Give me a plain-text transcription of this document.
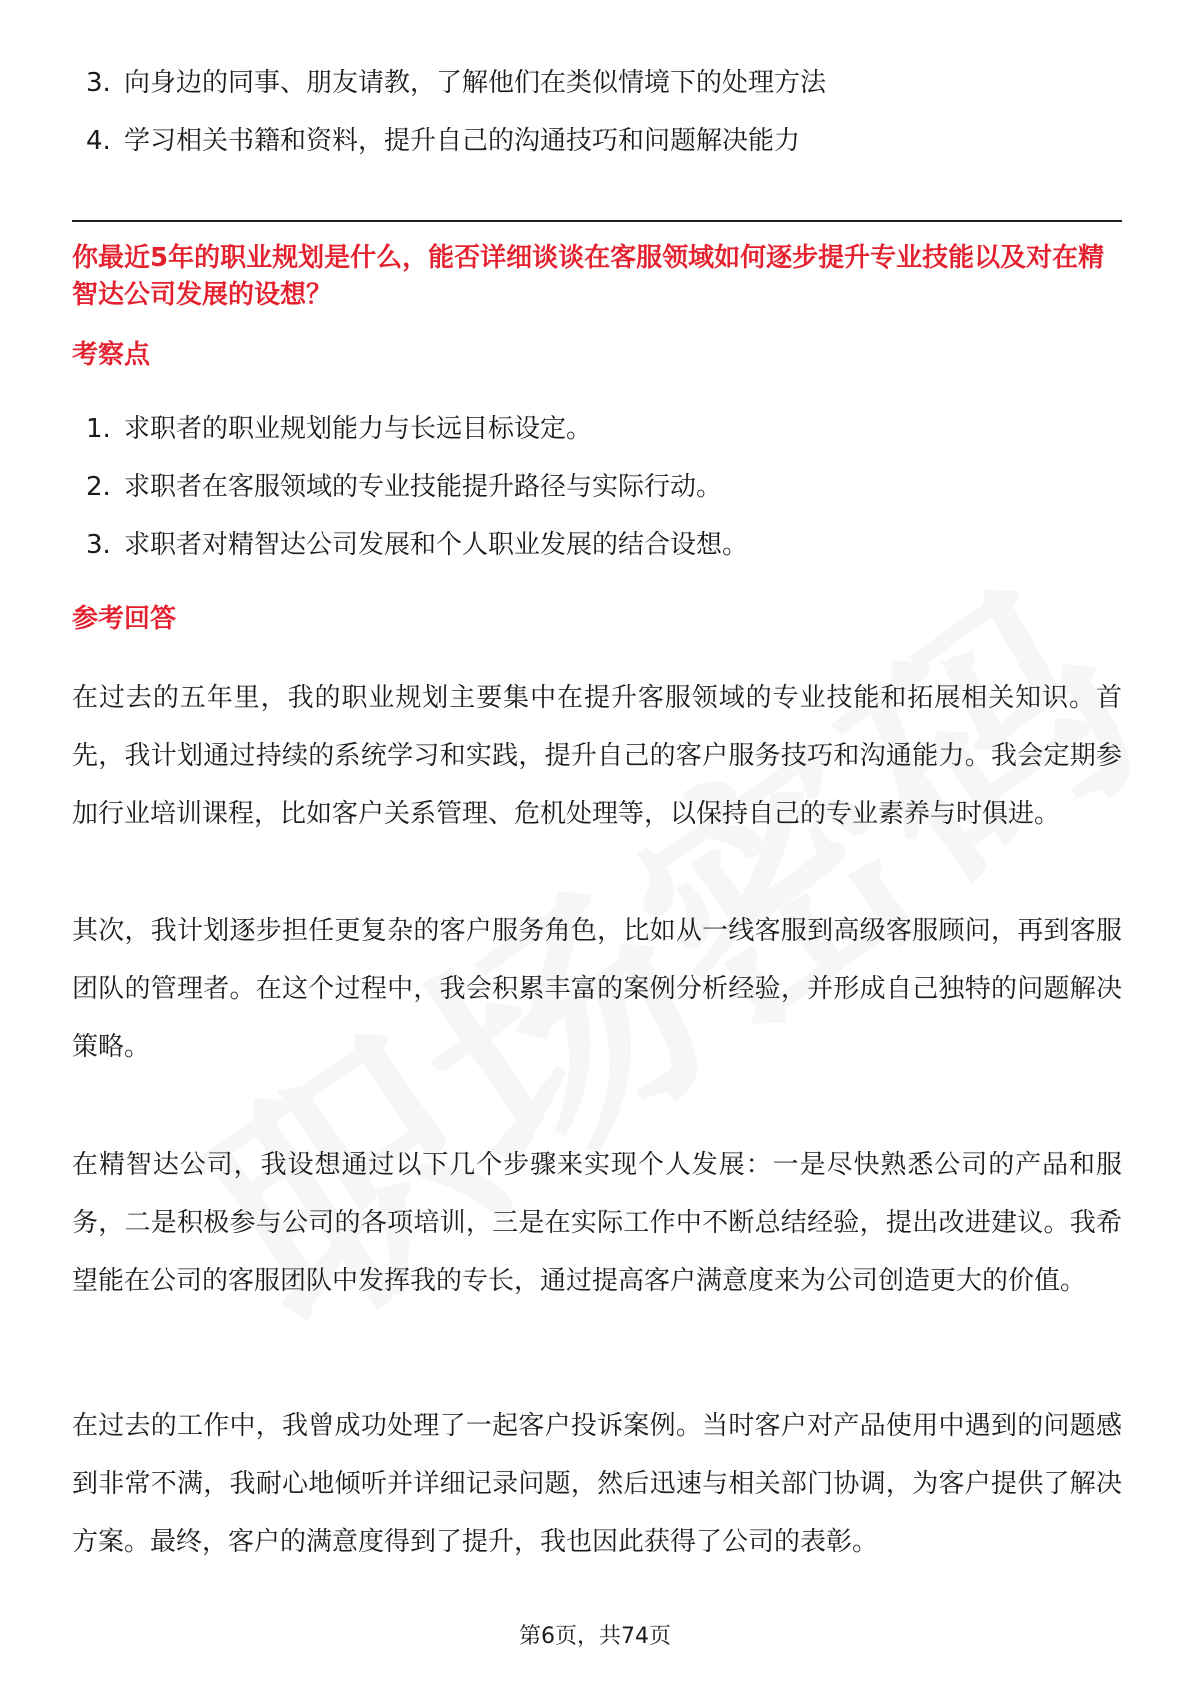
3. 向身边的同事、朋友请教，了解他们在类似情境下的处理方法
4. 学习相关书籍和资料，提升自己的沟通技巧和问题解决能力
你最近5年的职业规划是什么，能否详细谈谈在客服领域如何逐步提升专业技能以及对在精智达公司发展的设想？
考察点
1. 求职者的职业规划能力与长远目标设定。
2. 求职者在客服领域的专业技能提升路径与实际行动。
3. 求职者对精智达公司发展和个人职业发展的结合设想。
参考回答

在过去的五年里，我的职业规划主要集中在提升客服领域的专业技能和拓展相关知识。首先，我计划通过持续的系统学习和实践，提升自己的客户服务技巧和沟通能力。我会定期参加行业培训课程，比如客户关系管理、危机处理等，以保持自己的专业素养与时俱进。

其次，我计划逐步担任更复杂的客户服务角色，比如从一线客服到高级客服顾问，再到客服团队的管理者。在这个过程中，我会积累丰富的案例分析经验，并形成自己独特的问题解决策略。

在精智达公司，我设想通过以下几个步骤来实现个人发展：一是尽快熟悉公司的产品和服务，二是积极参与公司的各项培训，三是在实际工作中不断总结经验，提出改进建议。我希望能在公司的客服团队中发挥我的专长，通过提高客户满意度来为公司创造更大的价值。

在过去的工作中，我曾成功处理了一起客户投诉案例。当时客户对产品使用中遇到的问题感到非常不满，我耐心地倾听并详细记录问题，然后迅速与相关部门协调，为客户提供了解决方案。最终，客户的满意度得到了提升，我也因此获得了公司的表彰。

第6页，共74页
